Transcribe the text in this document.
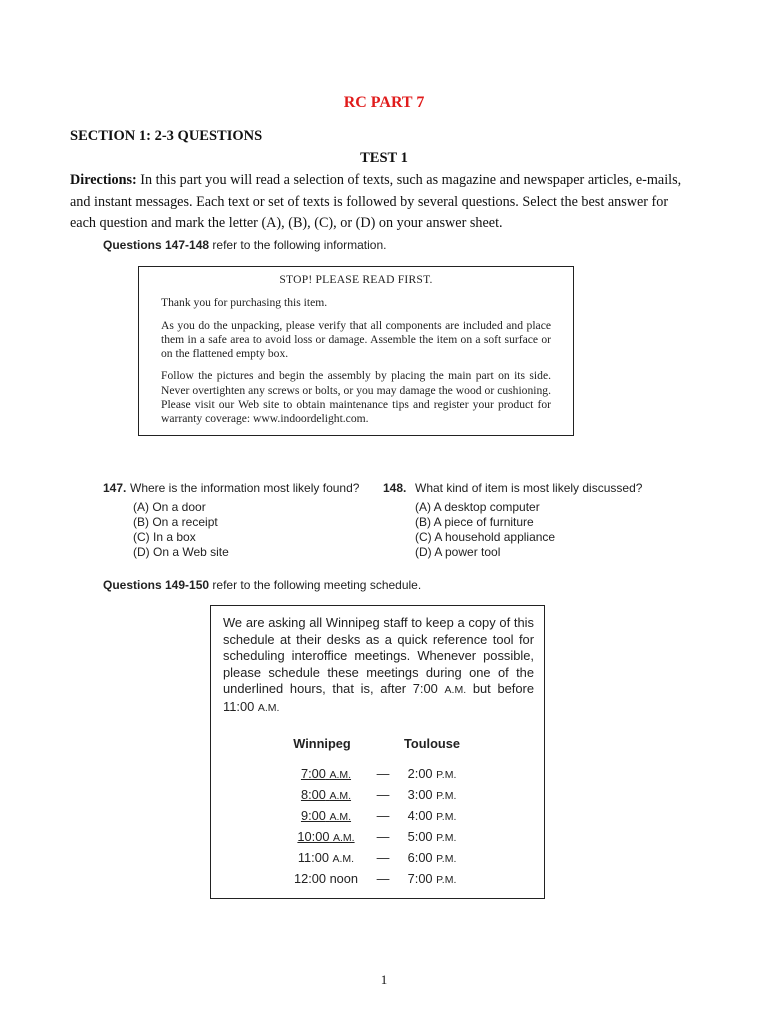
RC PART 7
SECTION 1: 2-3 QUESTIONS
TEST 1
Directions: In this part you will read a selection of texts, such as magazine and newspaper articles, e-mails, and instant messages. Each text or set of texts is followed by several questions. Select the best answer for each question and mark the letter (A), (B), (C), or (D) on your answer sheet.
Questions 147-148 refer to the following information.
STOP! PLEASE READ FIRST.

Thank you for purchasing this item.

As you do the unpacking, please verify that all components are included and place them in a safe area to avoid loss or damage. Assemble the item on a soft surface or on the flattened empty box.

Follow the pictures and begin the assembly by placing the main part on its side. Never overtighten any screws or bolts, or you may damage the wood or cushioning. Please visit our Web site to obtain maintenance tips and register your product for warranty coverage: www.indoordelight.com.

147. Where is the information most likely found?
(A) On a door
(B) On a receipt
(C) In a box
(D) On a Web site
148. What kind of item is most likely discussed?
(A) A desktop computer
(B) A piece of furniture
(C) A household appliance
(D) A power tool
Questions 149-150 refer to the following meeting schedule.
We are asking all Winnipeg staff to keep a copy of this schedule at their desks as a quick reference tool for scheduling interoffice meetings. Whenever possible, please schedule these meetings during one of the underlined hours, that is, after 7:00 A.M. but before 11:00 A.M.
Winnipeg	Toulouse
7:00 A.M.	—	2:00 P.M.
8:00 A.M.	—	3:00 P.M.
9:00 A.M.	—	4:00 P.M.
10:00 A.M.	—	5:00 P.M.
11:00 A.M.	—	6:00 P.M.
12:00 noon —	7:00 P.M.
1
